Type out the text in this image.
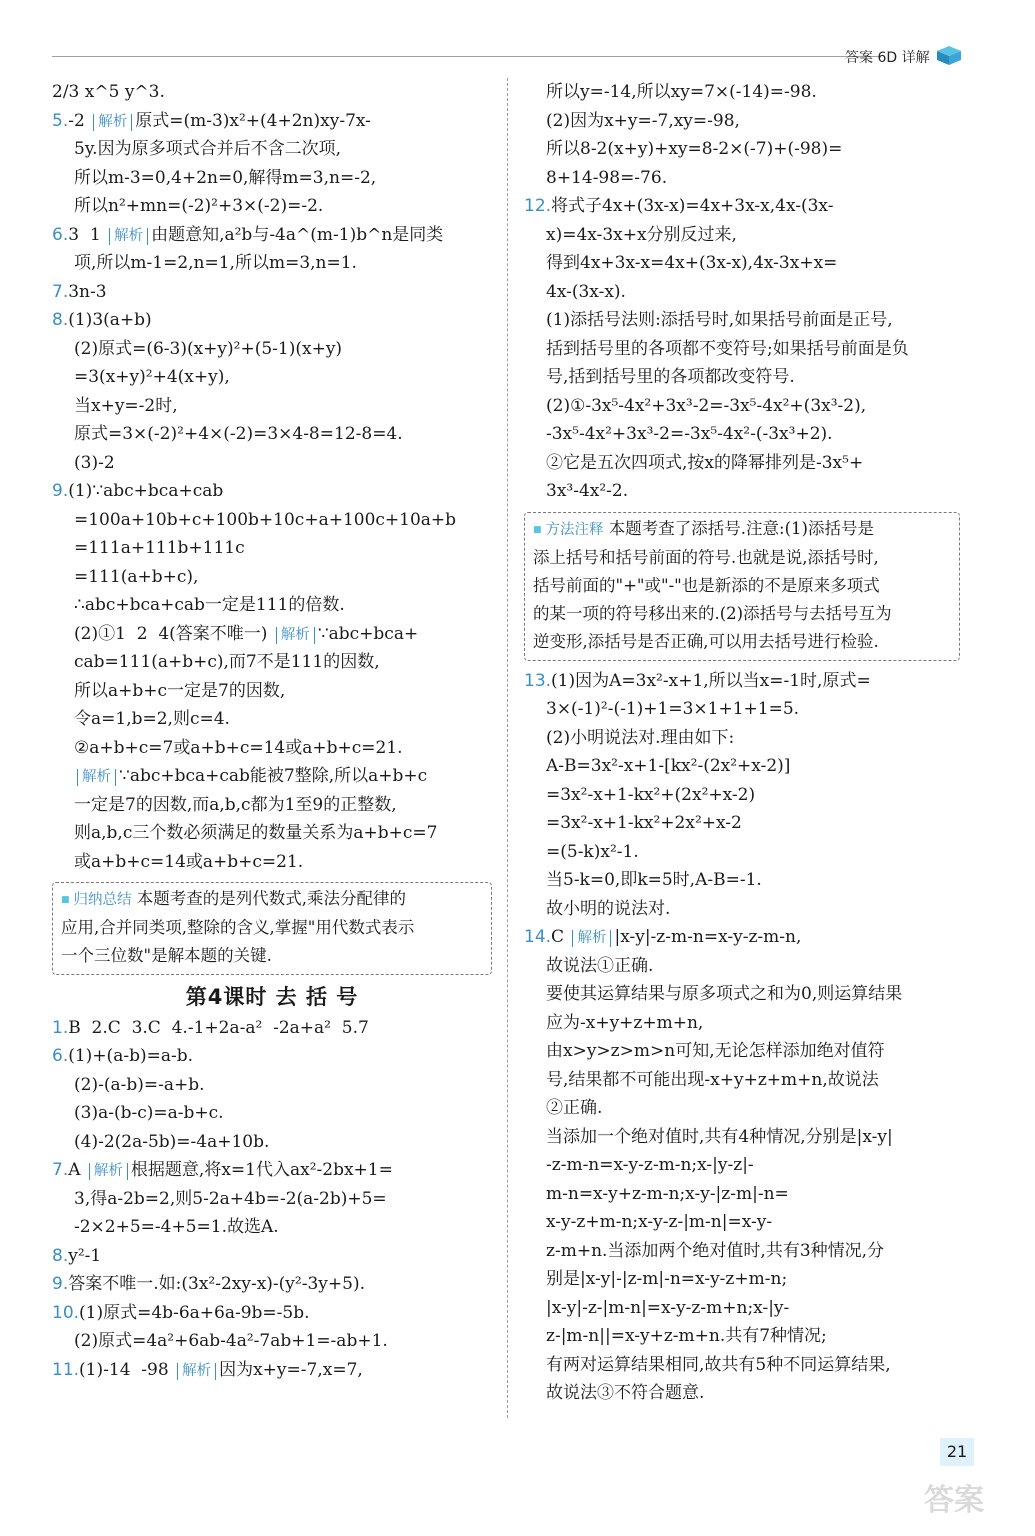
答案 6D 详解
2/3 x^5 y^3.
5.-2 解析 原式=(m-3)x²+(4+2n)xy-7x-
5y.因为原多项式合并后不含二次项,
所以m-3=0,4+2n=0,解得m=3,n=-2,
所以n²+mn=(-2)²+3×(-2)=-2.
6.3  1 解析 由题意知,a²b与-4a^(m-1)b^n是同类
项,所以m-1=2,n=1,所以m=3,n=1.
7.3n-3
8.(1)3(a+b)
(2)原式=(6-3)(x+y)²+(5-1)(x+y)
=3(x+y)²+4(x+y),
当x+y=-2时,
原式=3×(-2)²+4×(-2)=3×4-8=12-8=4.
(3)-2
9.(1)∵abc+bca+cab
=100a+10b+c+100b+10c+a+100c+10a+b
=111a+111b+111c
=111(a+b+c),
∴abc+bca+cab一定是111的倍数.
(2)①1  2  4(答案不唯一) 解析 ∵abc+bca+
cab=111(a+b+c),而7不是111的因数,
所以a+b+c一定是7的因数,
令a=1,b=2,则c=4.
②a+b+c=7或a+b+c=14或a+b+c=21.
解析 ∵abc+bca+cab能被7整除,所以a+b+c
一定是7的因数,而a,b,c都为1至9的正整数,
则a,b,c三个数必须满足的数量关系为a+b+c=7
或a+b+c=14或a+b+c=21.
■ 归纳总结 本题考查的是列代数式,乘法分配律的
应用,合并同类项,整除的含义,掌握"用代数式表示
一个三位数"是解本题的关键.
第4课时 去 括 号
1.B  2.C  3.C  4.-1+2a-a²  -2a+a²  5.7
6.(1)+(a-b)=a-b.
(2)-(a-b)=-a+b.
(3)a-(b-c)=a-b+c.
(4)-2(2a-5b)=-4a+10b.
7.A 解析 根据题意,将x=1代入ax²-2bx+1=
3,得a-2b=2,则5-2a+4b=-2(a-2b)+5=
-2×2+5=-4+5=1.故选A.
8.y²-1
9.答案不唯一.如:(3x²-2xy-x)-(y²-3y+5).
10.(1)原式=4b-6a+6a-9b=-5b.
(2)原式=4a²+6ab-4a²-7ab+1=-ab+1.
11.(1)-14  -98 解析 因为x+y=-7,x=7,
所以y=-14,所以xy=7×(-14)=-98.
(2)因为x+y=-7,xy=-98,
所以8-2(x+y)+xy=8-2×(-7)+(-98)=
8+14-98=-76.
12.将式子4x+(3x-x)=4x+3x-x,4x-(3x-
x)=4x-3x+x分别反过来,
得到4x+3x-x=4x+(3x-x),4x-3x+x=
4x-(3x-x).
(1)添括号法则:添括号时,如果括号前面是正号,
括到括号里的各项都不变符号;如果括号前面是负
号,括到括号里的各项都改变符号.
(2)①-3x⁵-4x²+3x³-2=-3x⁵-4x²+(3x³-2),
-3x⁵-4x²+3x³-2=-3x⁵-4x²-(-3x³+2).
②它是五次四项式,按x的降幂排列是-3x⁵+
3x³-4x²-2.
■ 方法注释 本题考查了添括号.注意:(1)添括号是
添上括号和括号前面的符号.也就是说,添括号时,
括号前面的"+"或"-"也是新添的不是原来多项式
的某一项的符号移出来的.(2)添括号与去括号互为
逆变形,添括号是否正确,可以用去括号进行检验.
13.(1)因为A=3x²-x+1,所以当x=-1时,原式=
3×(-1)²-(-1)+1=3×1+1+1=5.
(2)小明说法对.理由如下:
A-B=3x²-x+1-[kx²-(2x²+x-2)]
=3x²-x+1-kx²+(2x²+x-2)
=3x²-x+1-kx²+2x²+x-2
=(5-k)x²-1.
当5-k=0,即k=5时,A-B=-1.
故小明的说法对.
14.C 解析 |x-y|-z-m-n=x-y-z-m-n,
故说法①正确.
要使其运算结果与原多项式之和为0,则运算结果
应为-x+y+z+m+n,
由x>y>z>m>n可知,无论怎样添加绝对值符
号,结果都不可能出现-x+y+z+m+n,故说法
②正确.
当添加一个绝对值时,共有4种情况,分别是|x-y|
-z-m-n=x-y-z-m-n;x-|y-z|-
m-n=x-y+z-m-n;x-y-|z-m|-n=
x-y-z+m-n;x-y-z-|m-n|=x-y-
z-m+n.当添加两个绝对值时,共有3种情况,分
别是|x-y|-|z-m|-n=x-y-z+m-n;
|x-y|-z-|m-n|=x-y-z-m+n;x-|y-
z-|m-n||=x-y+z-m+n.共有7种情况;
有两对运算结果相同,故共有5种不同运算结果,
故说法③不符合题意.
21
答案
